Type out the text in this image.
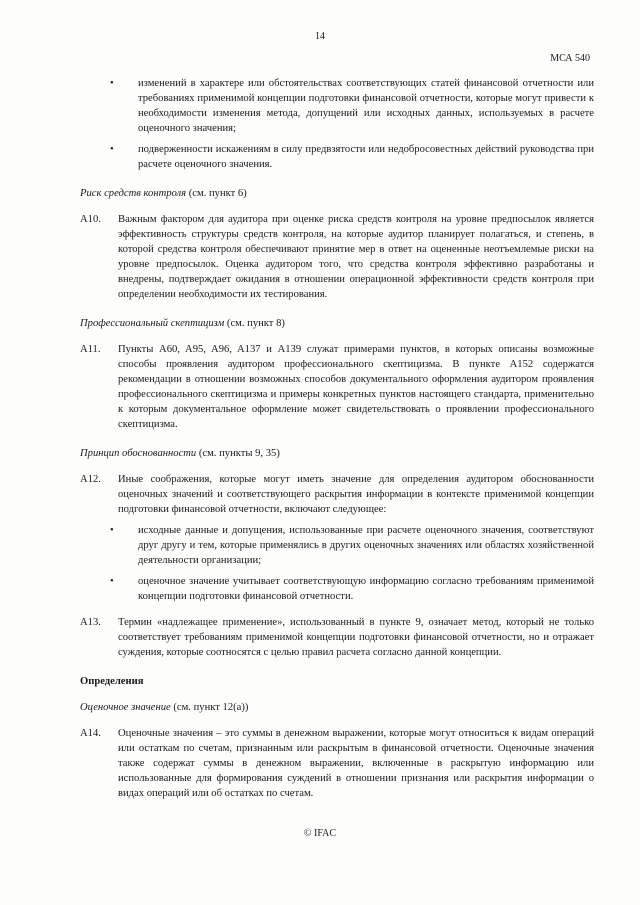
14
МСА 540
• изменений в характере или обстоятельствах соответствующих статей финансовой отчетности или требованиях применимой концепции подготовки финансовой отчетности, которые могут привести к необходимости изменения метода, допущений или исходных данных, используемых в расчете оценочного значения;

• подверженности искажениям в силу предвзятости или недобросовестных действий руководства при расчете оценочного значения.

Риск средств контроля (см. пункт 6)

A10. Важным фактором для аудитора при оценке риска средств контроля на уровне предпосылок является эффективность структуры средств контроля, на которые аудитор планирует полагаться, и степень, в которой средства контроля обеспечивают принятие мер в ответ на оцененные неотъемлемые риски на уровне предпосылок. Оценка аудитором того, что средства контроля эффективно разработаны и внедрены, подтверждает ожидания в отношении операционной эффективности средств контроля при определении необходимости их тестирования.

Профессиональный скептицизм (см. пункт 8)

A11. Пункты A60, A95, A96, A137 и A139 служат примерами пунктов, в которых описаны возможные способы проявления аудитором профессионального скептицизма. В пункте A152 содержатся рекомендации в отношении возможных способов документального оформления аудитором проявления профессионального скептицизма и примеры конкретных пунктов настоящего стандарта, применительно к которым документальное оформление может свидетельствовать о проявлении профессионального скептицизма.

Принцип обоснованности (см. пункты 9, 35)

A12. Иные соображения, которые могут иметь значение для определения аудитором обоснованности оценочных значений и соответствующего раскрытия информации в контексте применимой концепции подготовки финансовой отчетности, включают следующее:

• исходные данные и допущения, использованные при расчете оценочного значения, соответствуют друг другу и тем, которые применялись в других оценочных значениях или областях хозяйственной деятельности организации;

• оценочное значение учитывает соответствующую информацию согласно требованиям применимой концепции подготовки финансовой отчетности.

A13. Термин «надлежащее применение», использованный в пункте 9, означает метод, который не только соответствует требованиям применимой концепции подготовки финансовой отчетности, но и отражает суждения, которые соотносятся с целью правил расчета согласно данной концепции.

Определения

Оценочное значение (см. пункт 12(a))

A14. Оценочные значения – это суммы в денежном выражении, которые могут относиться к видам операций или остаткам по счетам, признанным или раскрытым в финансовой отчетности. Оценочные значения также содержат суммы в денежном выражении, включенные в раскрытую информацию или использованные для формирования суждений в отношении признания или раскрытия информации о видах операций или об остатках по счетам.

© IFAC
